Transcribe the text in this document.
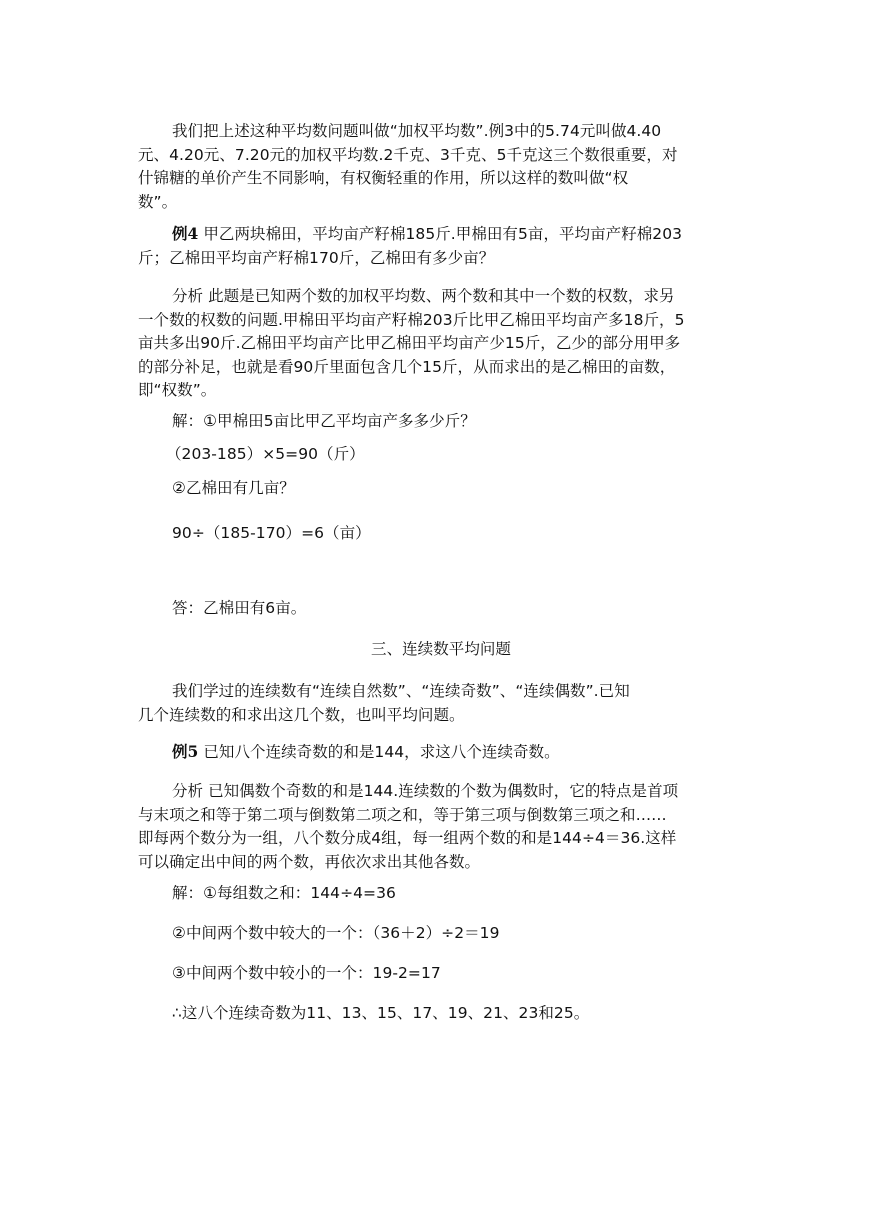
我们把上述这种平均数问题叫做“加权平均数”.例3中的5.74元叫做4.40
元、4.20元、7.20元的加权平均数.2千克、3千克、5千克这三个数很重要，对
什锦糖的单价产生不同影响，有权衡轻重的作用，所以这样的数叫做“权
数”。

例4 甲乙两块棉田，平均亩产籽棉185斤.甲棉田有5亩，平均亩产籽棉203
斤；乙棉田平均亩产籽棉170斤，乙棉田有多少亩？

分析 此题是已知两个数的加权平均数、两个数和其中一个数的权数，求另
一个数的权数的问题.甲棉田平均亩产籽棉203斤比甲乙棉田平均亩产多18斤，5
亩共多出90斤.乙棉田平均亩产比甲乙棉田平均亩产少15斤，乙少的部分用甲多
的部分补足，也就是看90斤里面包含几个15斤，从而求出的是乙棉田的亩数，
即“权数”。

解：①甲棉田5亩比甲乙平均亩产多多少斤？

（203-185）×5=90（斤）

②乙棉田有几亩？

90÷（185-170）=6（亩）

答：乙棉田有6亩。

三、连续数平均问题

我们学过的连续数有“连续自然数”、“连续奇数”、“连续偶数”.已知
几个连续数的和求出这几个数，也叫平均问题。

例5 已知八个连续奇数的和是144，求这八个连续奇数。

分析 已知偶数个奇数的和是144.连续数的个数为偶数时，它的特点是首项
与末项之和等于第二项与倒数第二项之和，等于第三项与倒数第三项之和……
即每两个数分为一组，八个数分成4组，每一组两个数的和是144÷4＝36.这样
可以确定出中间的两个数，再依次求出其他各数。

解：①每组数之和：144÷4=36

②中间两个数中较大的一个：（36＋2）÷2＝19

③中间两个数中较小的一个：19-2=17

∴这八个连续奇数为11、13、15、17、19、21、23和25。
